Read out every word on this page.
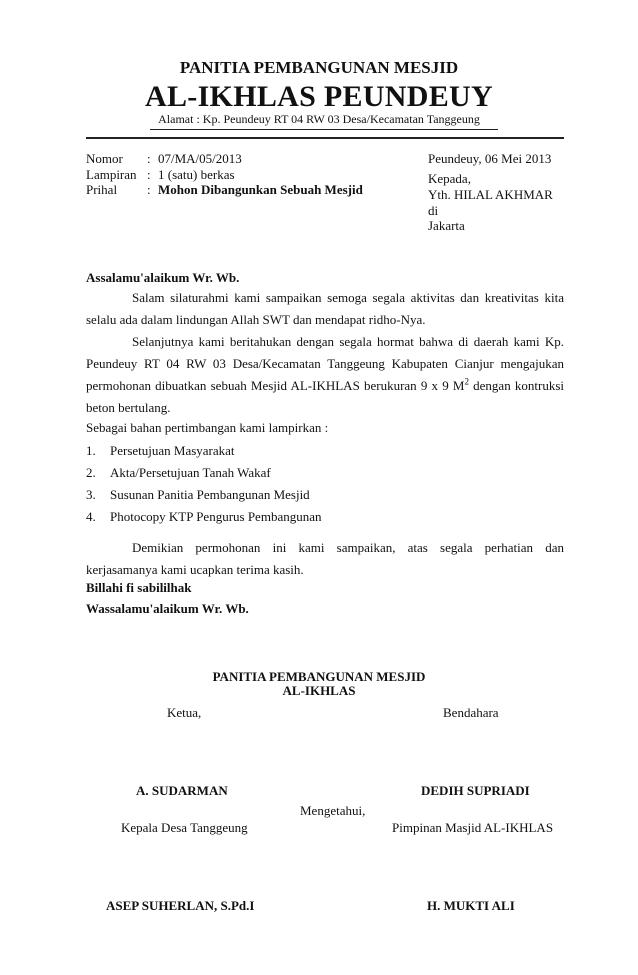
PANITIA PEMBANGUNAN MESJID
AL-IKHLAS PEUNDEUY
Alamat : Kp. Peundeuy RT 04 RW 03 Desa/Kecamatan Tanggeung
Nomor : 07/MA/05/2013
Lampiran : 1 (satu) berkas
Prihal : Mohon Dibangunkan Sebuah Mesjid
Peundeuy, 06 Mei 2013
Kepada,
Yth. HILAL AKHMAR
di
Jakarta
Assalamu'alaikum Wr. Wb.
Salam silaturahmi kami sampaikan semoga segala aktivitas dan kreativitas kita selalu ada dalam lindungan Allah SWT dan mendapat ridho-Nya.
Selanjutnya kami beritahukan dengan segala hormat bahwa di daerah kami Kp. Peundeuy RT 04 RW 03 Desa/Kecamatan Tanggeung Kabupaten Cianjur mengajukan permohonan dibuatkan sebuah Mesjid AL-IKHLAS berukuran 9 x 9 $M^2$ dengan kontruksi beton bertulang.
Sebagai bahan pertimbangan kami lampirkan :
1. Persetujuan Masyarakat
2. Akta/Persetujuan Tanah Wakaf
3. Susunan Panitia Pembangunan Mesjid
4. Photocopy KTP Pengurus Pembangunan
Demikian permohonan ini kami sampaikan, atas segala perhatian dan kerjasamanya kami ucapkan terima kasih.
Billahi fi sabililhak
Wassalamu'alaikum Wr. Wb.
PANITIA PEMBANGUNAN MESJID
AL-IKHLAS
Ketua,	Bendahara
A. SUDARMAN	DEDIH SUPRIADI
Mengetahui,
Kepala Desa Tanggeung	Pimpinan Masjid AL-IKHLAS
ASEP SUHERLAN, S.Pd.I	H. MUKTI ALI
